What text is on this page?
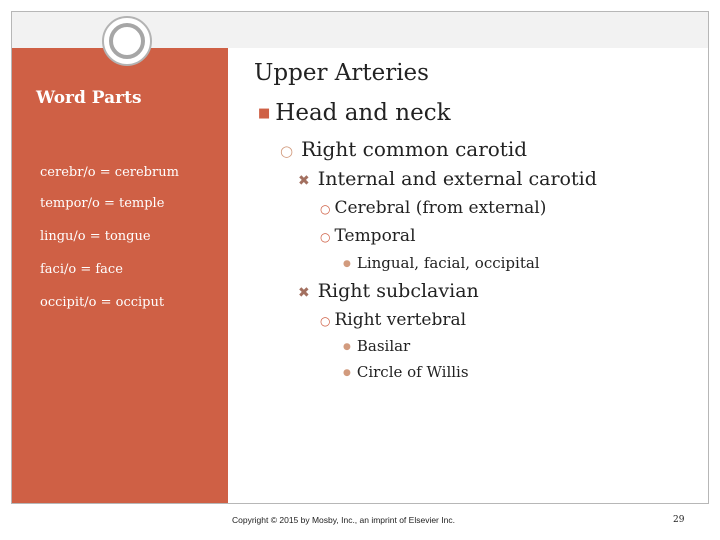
Word Parts
cerebr/o = cerebrum
tempor/o = temple
lingu/o = tongue
faci/o = face
occipit/o = occiput
Upper Arteries
■ Head and neck
○ Right common carotid
✖ Internal and external carotid
○ Cerebral (from external)
○ Temporal
● Lingual, facial, occipital
✖ Right subclavian
○ Right vertebral
● Basilar
● Circle of Willis
Copyright © 2015 by Mosby, Inc., an imprint of Elsevier Inc.	29
